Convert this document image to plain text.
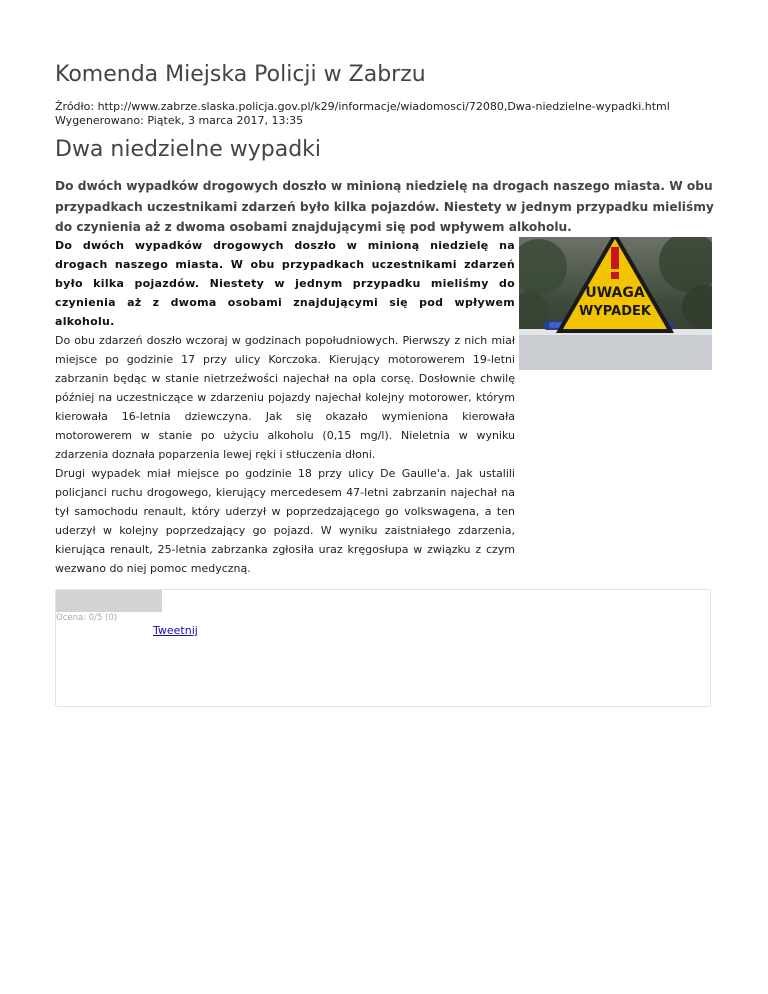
Komenda Miejska Policji w Zabrzu
Źródło: http://www.zabrze.slaska.policja.gov.pl/k29/informacje/wiadomosci/72080,Dwa-niedzielne-wypadki.html
Wygenerowano: Piątek, 3 marca 2017, 13:35
Dwa niedzielne wypadki
Do dwóch wypadków drogowych doszło w minioną niedzielę na drogach naszego miasta. W obu przypadkach uczestnikami zdarzeń było kilka pojazdów. Niestety w jednym przypadku mieliśmy do czynienia aż z dwoma osobami znajdującymi się pod wpływem alkoholu.
Do dwóch wypadków drogowych doszło w minioną niedzielę na drogach naszego miasta. W obu przypadkach uczestnikami zdarzeń było kilka pojazdów. Niestety w jednym przypadku mieliśmy do czynienia aż z dwoma osobami znajdującymi się pod wpływem alkoholu.

Do obu zdarzeń doszło wczoraj w godzinach popołudniowych. Pierwszy z nich miał miejsce po godzinie 17 przy ulicy Korczoka. Kierujący motorowerem 19-letni zabrzanin będąc w stanie nietrzeźwości najechał na opla corsę. Dosłownie chwilę później na uczestniczące w zdarzeniu pojazdy najechał kolejny motorower, którym kierowała 16-letnia dziewczyna. Jak się okazało wymieniona kierowała motorowerem w stanie po użyciu alkoholu (0,15 mg/l). Nieletnia w wyniku zdarzenia doznała poparzenia lewej ręki i stłuczenia dłoni.

Drugi wypadek miał miejsce po godzinie 18 przy ulicy De Gaulle'a. Jak ustalili policjanci ruchu drogowego, kierujący mercedesem 47-letni zabrzanin najechał na tył samochodu renault, który uderzył w poprzedzającego go volkswagena, a ten uderzył w kolejny poprzedzający go pojazd. W wyniku zaistniałego zdarzenia, kierująca renault, 25-letnia zabrzanka zgłosiła uraz kręgosłupa w związku z czym wezwano do niej pomoc medyczną.

UWAGA
WYPADEK
Ocena: 0/5 (0)
Tweetnij
